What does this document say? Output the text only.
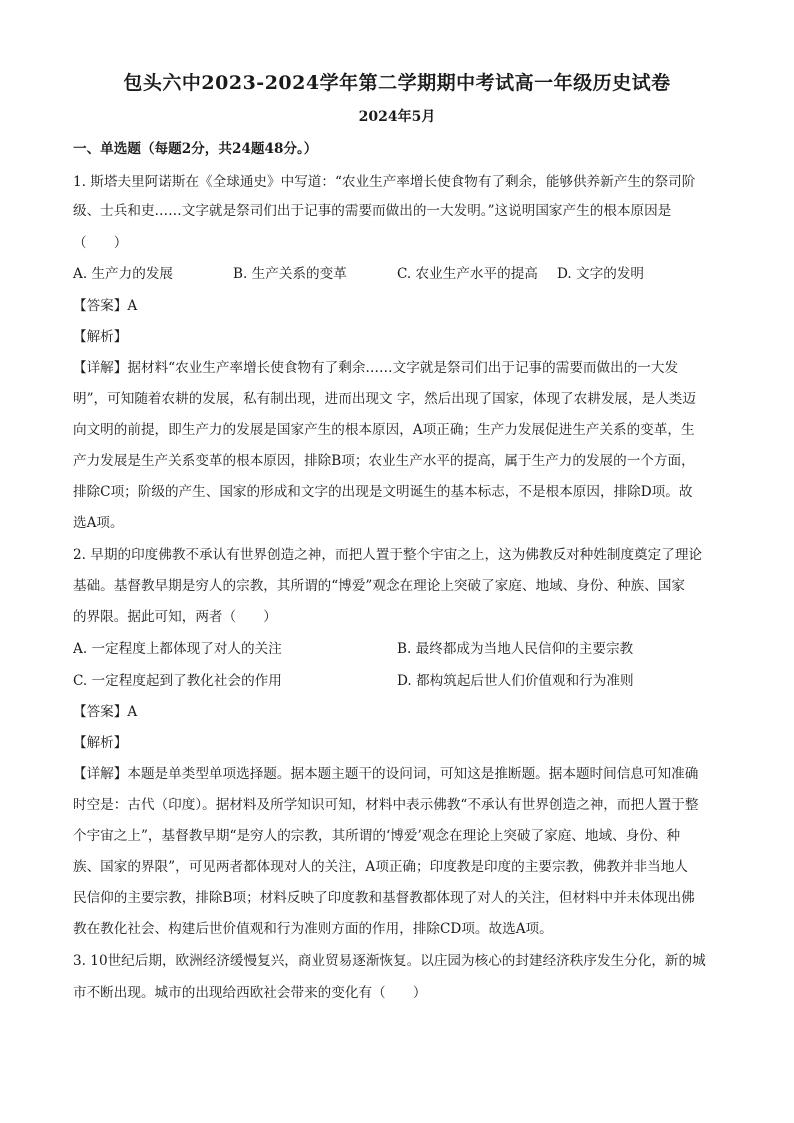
包头六中2023-2024学年第二学期期中考试高一年级历史试卷
2024年5月
一、单选题（每题2分，共24题48分。）
1. 斯塔夫里阿诺斯在《全球通史》中写道：“农业生产率增长使食物有了剩余，能够供养新产生的祭司阶
级、士兵和吏……文字就是祭司们出于记事的需要而做出的一大发明。”这说明国家产生的根本原因是
（　　）
A. 生产力的发展	B. 生产关系的变革	C. 农业生产水平的提高 D. 文字的发明
【答案】A
【解析】
【详解】据材料“农业生产率增长使食物有了剩余……文字就是祭司们出于记事的需要而做出的一大发
明”，可知随着农耕的发展，私有制出现，进而出现文 字，然后出现了国家，体现了农耕发展，是人类迈
向文明的前提，即生产力的发展是国家产生的根本原因，A项正确；生产力发展促进生产关系的变革，生
产力发展是生产关系变革的根本原因，排除B项；农业生产水平的提高，属于生产力的发展的一个方面，
排除C项；阶级的产生、国家的形成和文字的出现是文明诞生的基本标志，不是根本原因，排除D项。故
选A项。
2. 早期的印度佛教不承认有世界创造之神，而把人置于整个宇宙之上，这为佛教反对种姓制度奠定了理论
基础。基督教早期是穷人的宗教，其所谓的“博爱”观念在理论上突破了家庭、地域、身份、种族、国家
的界限。据此可知，两者（　　）
A. 一定程度上都体现了对人的关注	B. 最终都成为当地人民信仰的主要宗教
C. 一定程度起到了教化社会的作用	D. 都构筑起后世人们价值观和行为准则
【答案】A
【解析】
【详解】本题是单类型单项选择题。据本题主题干的设问词，可知这是推断题。据本题时间信息可知准确
时空是：古代（印度）。据材料及所学知识可知，材料中表示佛教“不承认有世界创造之神，而把人置于整
个宇宙之上”，基督教早期“是穷人的宗教，其所谓的‘博爱’观念在理论上突破了家庭、地域、身份、种
族、国家的界限”，可见两者都体现对人的关注，A项正确；印度教是印度的主要宗教，佛教并非当地人
民信仰的主要宗教，排除B项；材料反映了印度教和基督教都体现了对人的关注，但材料中并未体现出佛
教在教化社会、构建后世价值观和行为准则方面的作用，排除CD项。故选A项。
3. 10世纪后期，欧洲经济缓慢复兴，商业贸易逐渐恢复。以庄园为核心的封建经济秩序发生分化，新的城
市不断出现。城市的出现给西欧社会带来的变化有（　　）
